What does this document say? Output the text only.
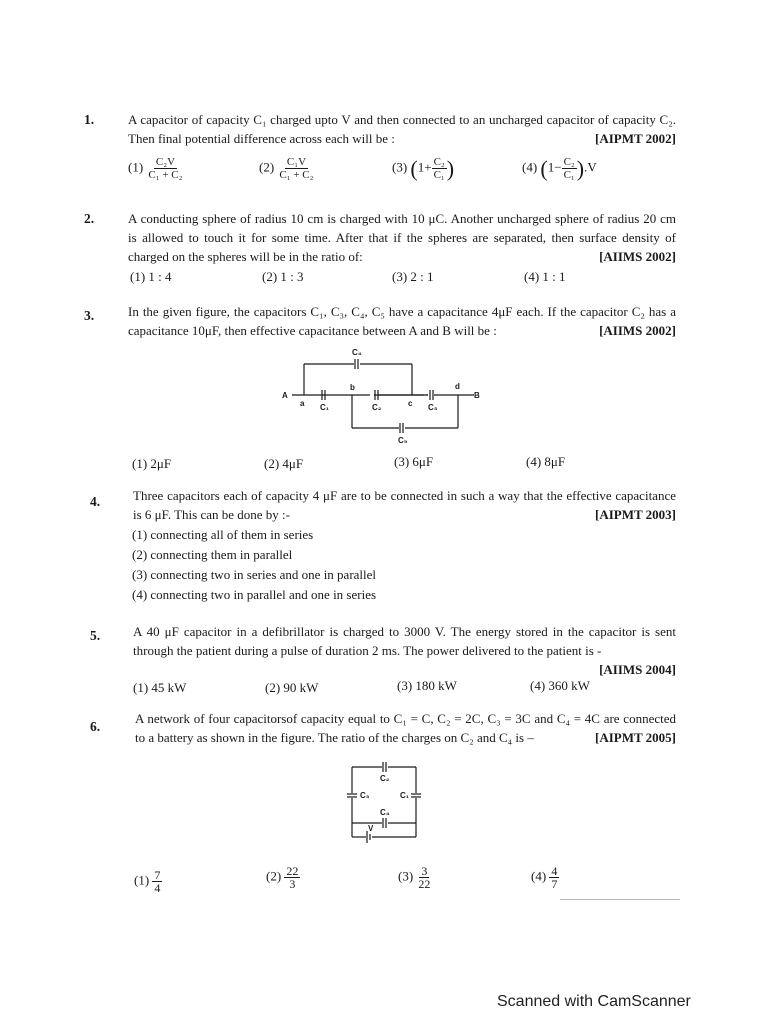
1.	A capacitor of capacity C₁ charged upto V and then connected to an uncharged capacitor of capacity C₂. Then final potential difference across each will be :	[AIPMT 2002]
$(1) \frac{\text{C₂V}}{\text{C₁ + C₂}}$	$(2) \frac{\text{C₁V}}{\text{C₁ + C₂}}$	(3) ($1+ \frac{\text{C₂}}{\text{C₁}}$ )	(4) $(1- \frac{\text{C₂}}{\text{C₁}} ).V$
2.	A conducting sphere of radius 10 cm is charged with 10 μC. Another uncharged sphere of radius 20 cm is allowed to touch it for some time. After that if the spheres are separated, then surface density of charged on the spheres will be in the ratio of:	[AIIMS 2002]
(1) 1 : 4	(2) 1 : 3	(3) 2 : 1	(4) 1 : 1
3.	In the given figure, the capacitors C₁, C₃, C₄, C₅ have a capacitance 4μF each. If the capacitor C₂ has a capacitance 10μF, then effective capacitance between A and B will be :	[AIIMS 2002]
C₄
A	B
a
b
c
d
C₁	C₂	C₃
C₅
(1) 2μF	(2) 4μF	(3) 6μF	(4) 8μF
4.	Three capacitors each of capacity 4 μF are to be connected in such a way that the effective capacitance is 6 μF. This can be done by :-	[AIPMT 2003]
(1) connecting all of them in series
(2) connecting them in parallel
(3) connecting two in series and one in parallel
(4) connecting two in parallel and one in series
5.	A 40 μF capacitor in a defibrillator is charged to 3000 V. The energy stored in the capacitor is sent through the patient during a pulse of duration 2 ms. The power delivered to the patient is -
[AIIMS 2004]
(1) 45 kW	(2) 90 kW	(3) 180 kW	(4) 360 kW
6.
A network of four capacitorsof capacity equal to C₁ = C, C₂ = 2C, C₃ = 3C and C₄ = 4C are connected to a battery as shown in the figure. The ratio of the charges on C₂ and C₄ is –	[AIPMT 2005]
C₂
C₃	C₁
C₄
V
$(1) \frac{7}{4}$	$(2) \frac{22}{3}$	$(3) \frac{3}{22}$	$(4) \frac{4}{7}$
Scanned with CamScanner
